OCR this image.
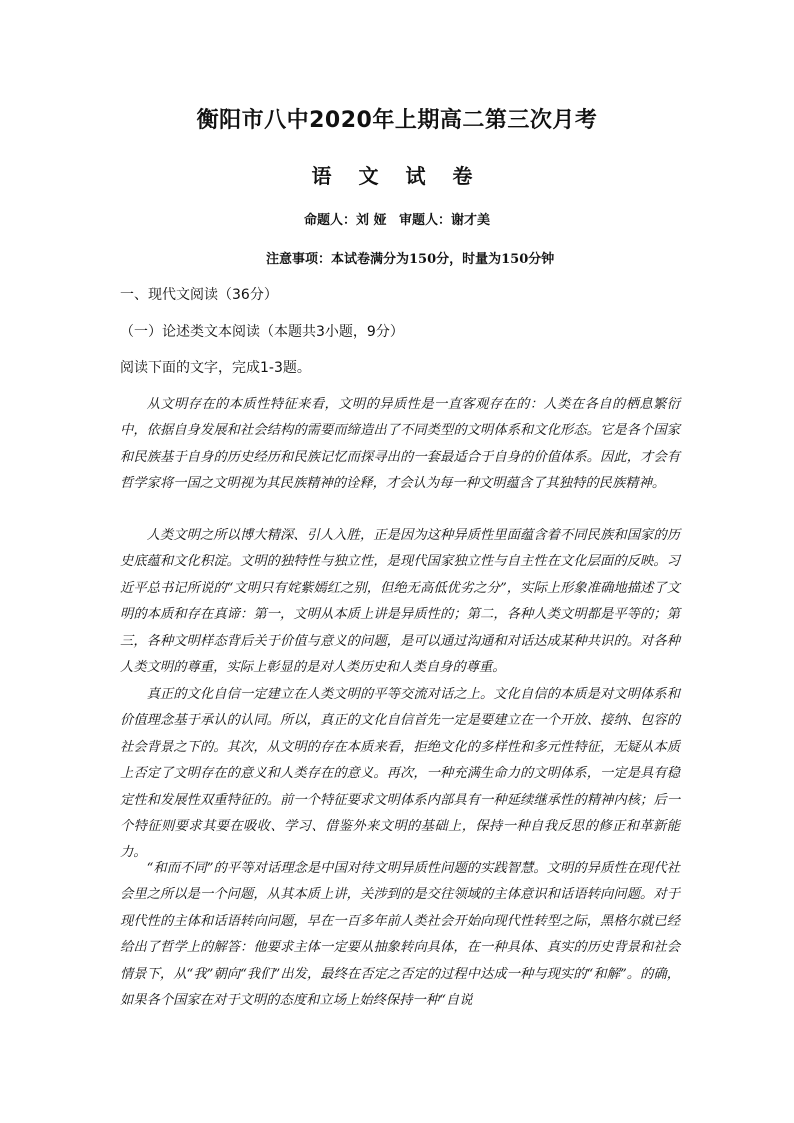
衡阳市八中2020年上期高二第三次月考
语 文 试 卷
命题人：刘 娅 审题人：谢才美
注意事项：本试卷满分为150分，时量为150分钟
一、现代文阅读（36分）
（一）论述类文本阅读（本题共3小题，9分）
阅读下面的文字，完成1-3题。
从文明存在的本质性特征来看，文明的异质性是一直客观存在的：人类在各自的栖息繁衍中，依据自身发展和社会结构的需要而缔造出了不同类型的文明体系和文化形态。它是各个国家和民族基于自身的历史经历和民族记忆而探寻出的一套最适合于自身的价值体系。因此，才会有哲学家将一国之文明视为其民族精神的诠释，才会认为每一种文明蕴含了其独特的民族精神。
人类文明之所以博大精深、引人入胜，正是因为这种异质性里面蕴含着不同民族和国家的历史底蕴和文化积淀。文明的独特性与独立性，是现代国家独立性与自主性在文化层面的反映。习近平总书记所说的“文明只有姹紫嫣红之别，但绝无高低优劣之分”，实际上形象准确地描述了文明的本质和存在真谛：第一，文明从本质上讲是异质性的；第二，各种人类文明都是平等的；第三，各种文明样态背后关于价值与意义的问题，是可以通过沟通和对话达成某种共识的。对各种人类文明的尊重，实际上彰显的是对人类历史和人类自身的尊重。
真正的文化自信一定建立在人类文明的平等交流对话之上。文化自信的本质是对文明体系和价值理念基于承认的认同。所以，真正的文化自信首先一定是要建立在一个开放、接纳、包容的社会背景之下的。其次，从文明的存在本质来看，拒绝文化的多样性和多元性特征，无疑从本质上否定了文明存在的意义和人类存在的意义。再次，一种充满生命力的文明体系，一定是具有稳定性和发展性双重特征的。前一个特征要求文明体系内部具有一种延续继承性的精神内核；后一个特征则要求其要在吸收、学习、借鉴外来文明的基础上，保持一种自我反思的修正和革新能力。
“和而不同”的平等对话理念是中国对待文明异质性问题的实践智慧。文明的异质性在现代社会里之所以是一个问题，从其本质上讲，关涉到的是交往领域的主体意识和话语转向问题。对于现代性的主体和话语转向问题，早在一百多年前人类社会开始向现代性转型之际，黑格尔就已经给出了哲学上的解答：他要求主体一定要从抽象转向具体，在一种具体、真实的历史背景和社会情景下，从“我”朝向“我们”出发，最终在否定之否定的过程中达成一种与现实的“和解”。的确，如果各个国家在对于文明的态度和立场上始终保持一种“自说
